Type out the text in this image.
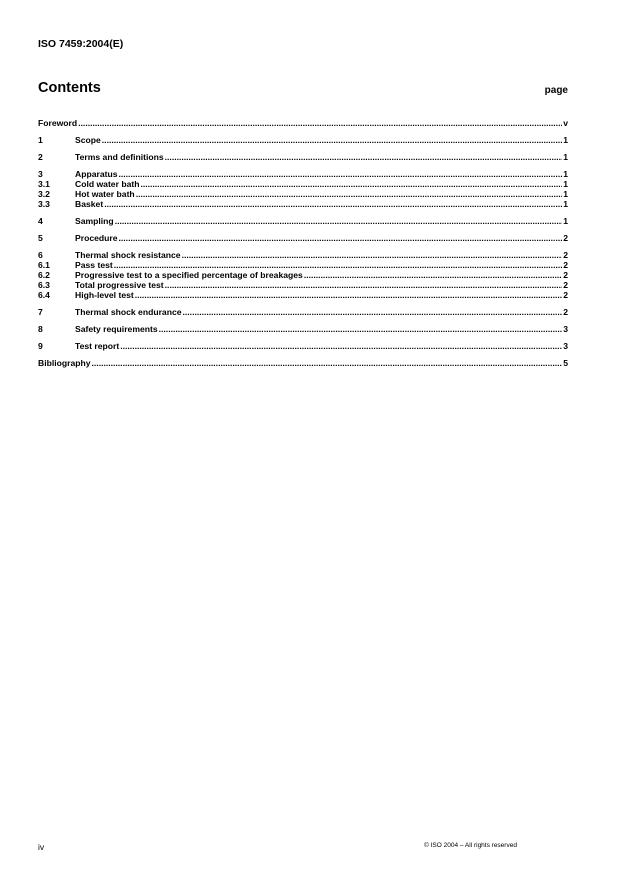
ISO 7459:2004(E)
Contents	page
Foreword .....	v
1	Scope .....	1
2	Terms and definitions .....	1
3	Apparatus .....	1
3.1	Cold water bath .....	1
3.2	Hot water bath .....	1
3.3	Basket .....	1
4	Sampling .....	1
5	Procedure .....	2
6	Thermal shock resistance .....	2
6.1	Pass test .....	2
6.2	Progressive test to a specified percentage of breakages .....	2
6.3	Total progressive test .....	2
6.4	High-level test .....	2
7	Thermal shock endurance .....	2
8	Safety requirements .....	3
9	Test report .....	3
Bibliography .....	5
iv	© ISO 2004 – All rights reserved
